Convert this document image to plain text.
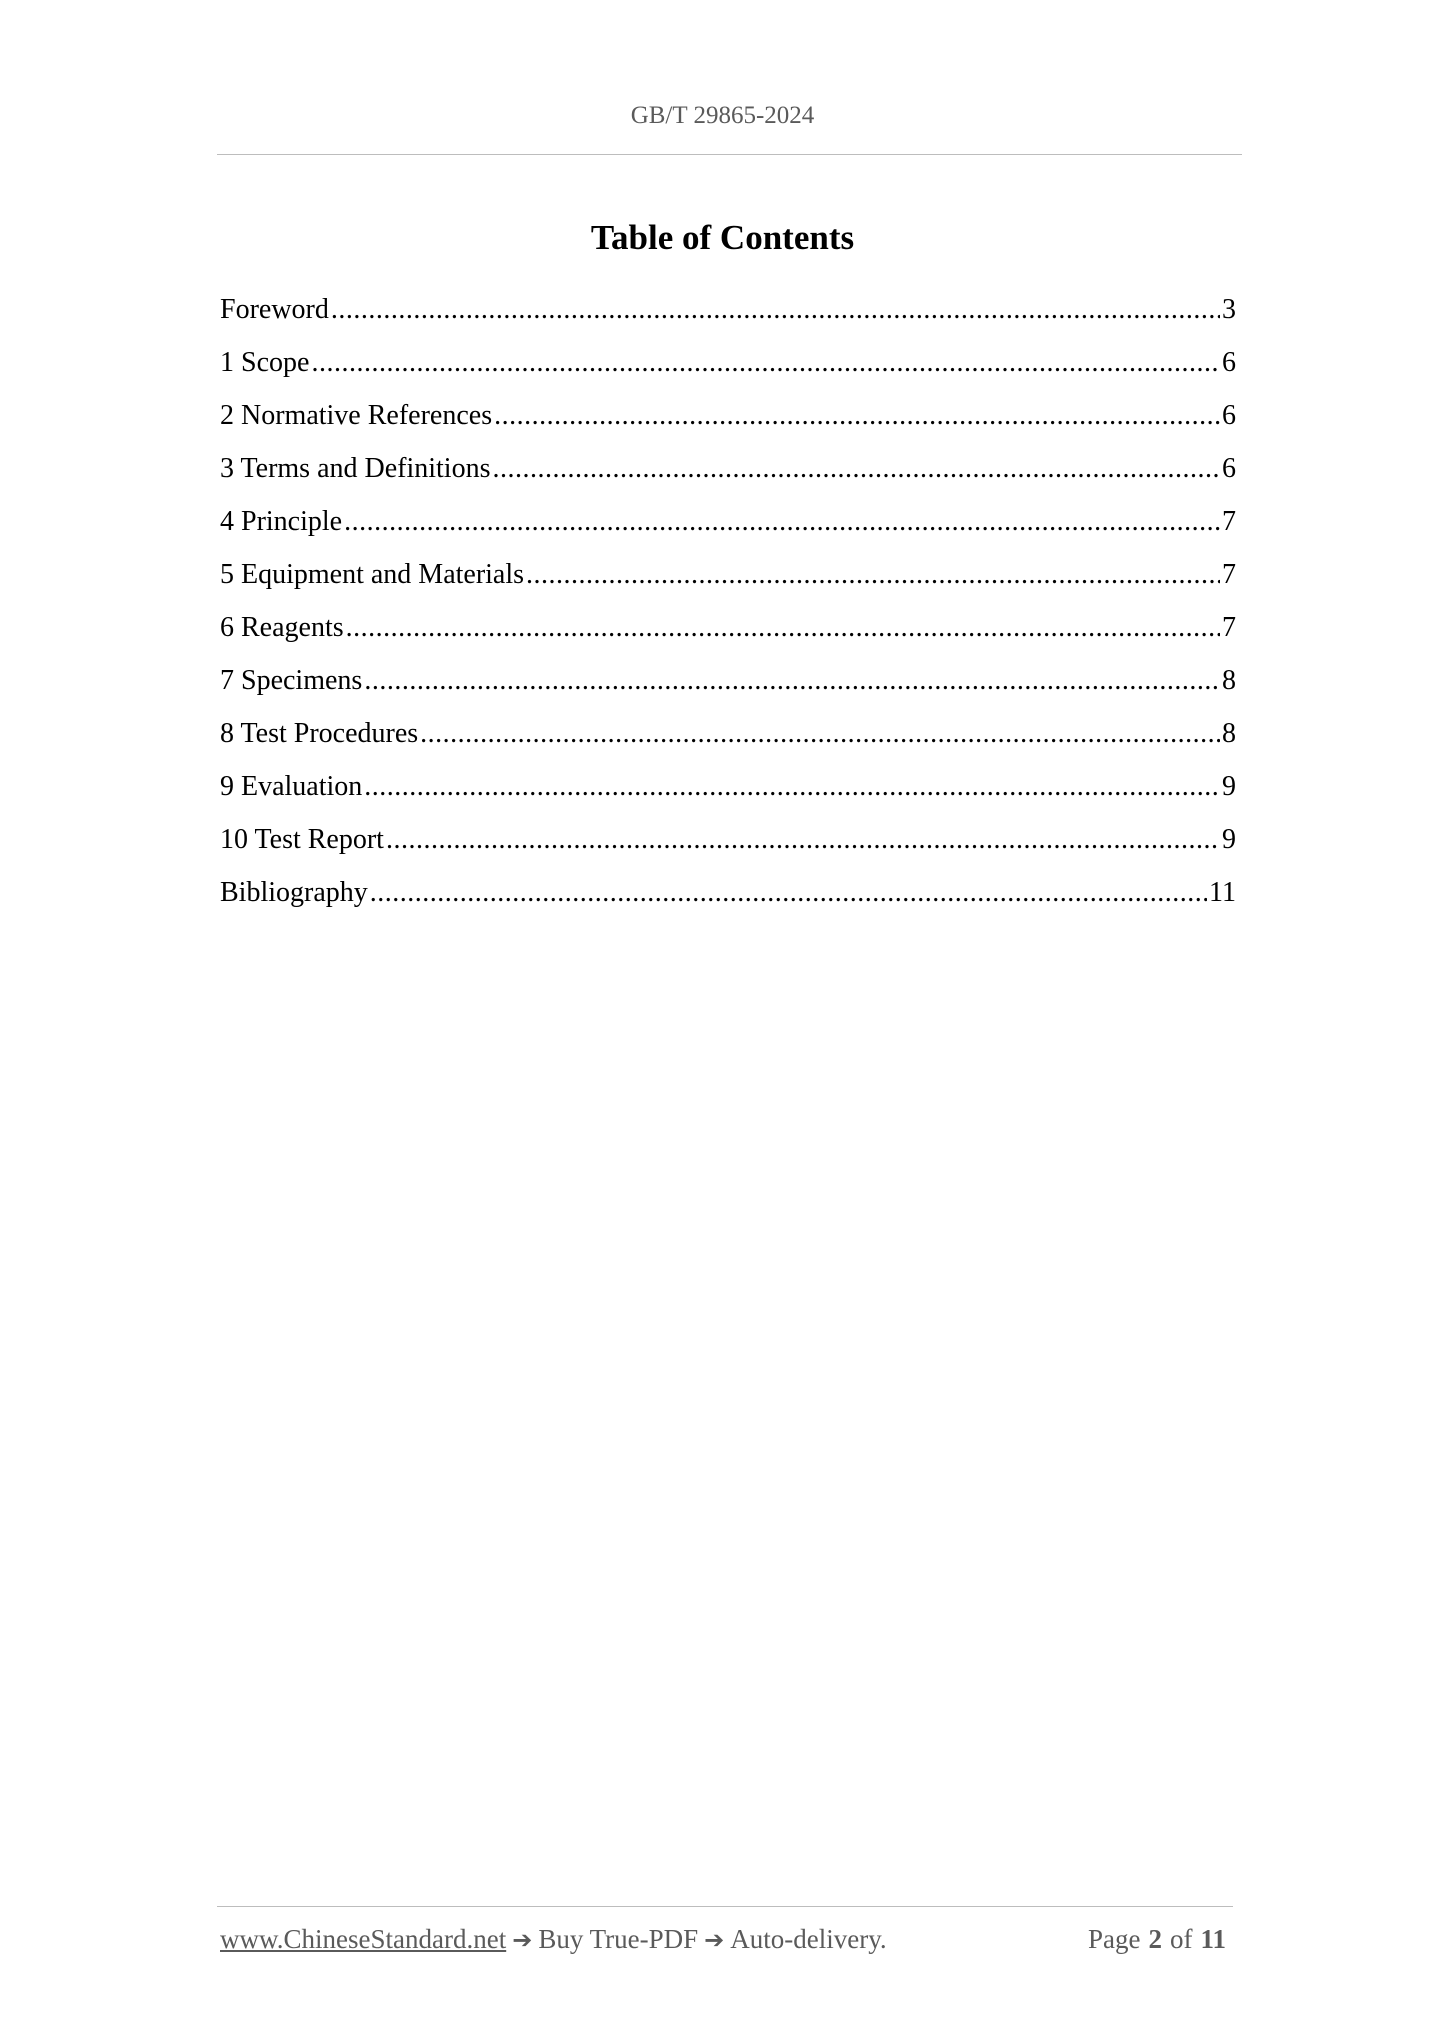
GB/T 29865-2024
Table of Contents
Foreword .....	3
1 Scope .....	6
2 Normative References .....	6
3 Terms and Definitions .....	6
4 Principle .....	7
5 Equipment and Materials .....	7
6 Reagents .....	7
7 Specimens .....	8
8 Test Procedures .....	8
9 Evaluation .....	9
10 Test Report .....	9
Bibliography .....	11
www.ChineseStandard.net ➔ Buy True-PDF ➔ Auto-delivery.	Page 2 of 11
